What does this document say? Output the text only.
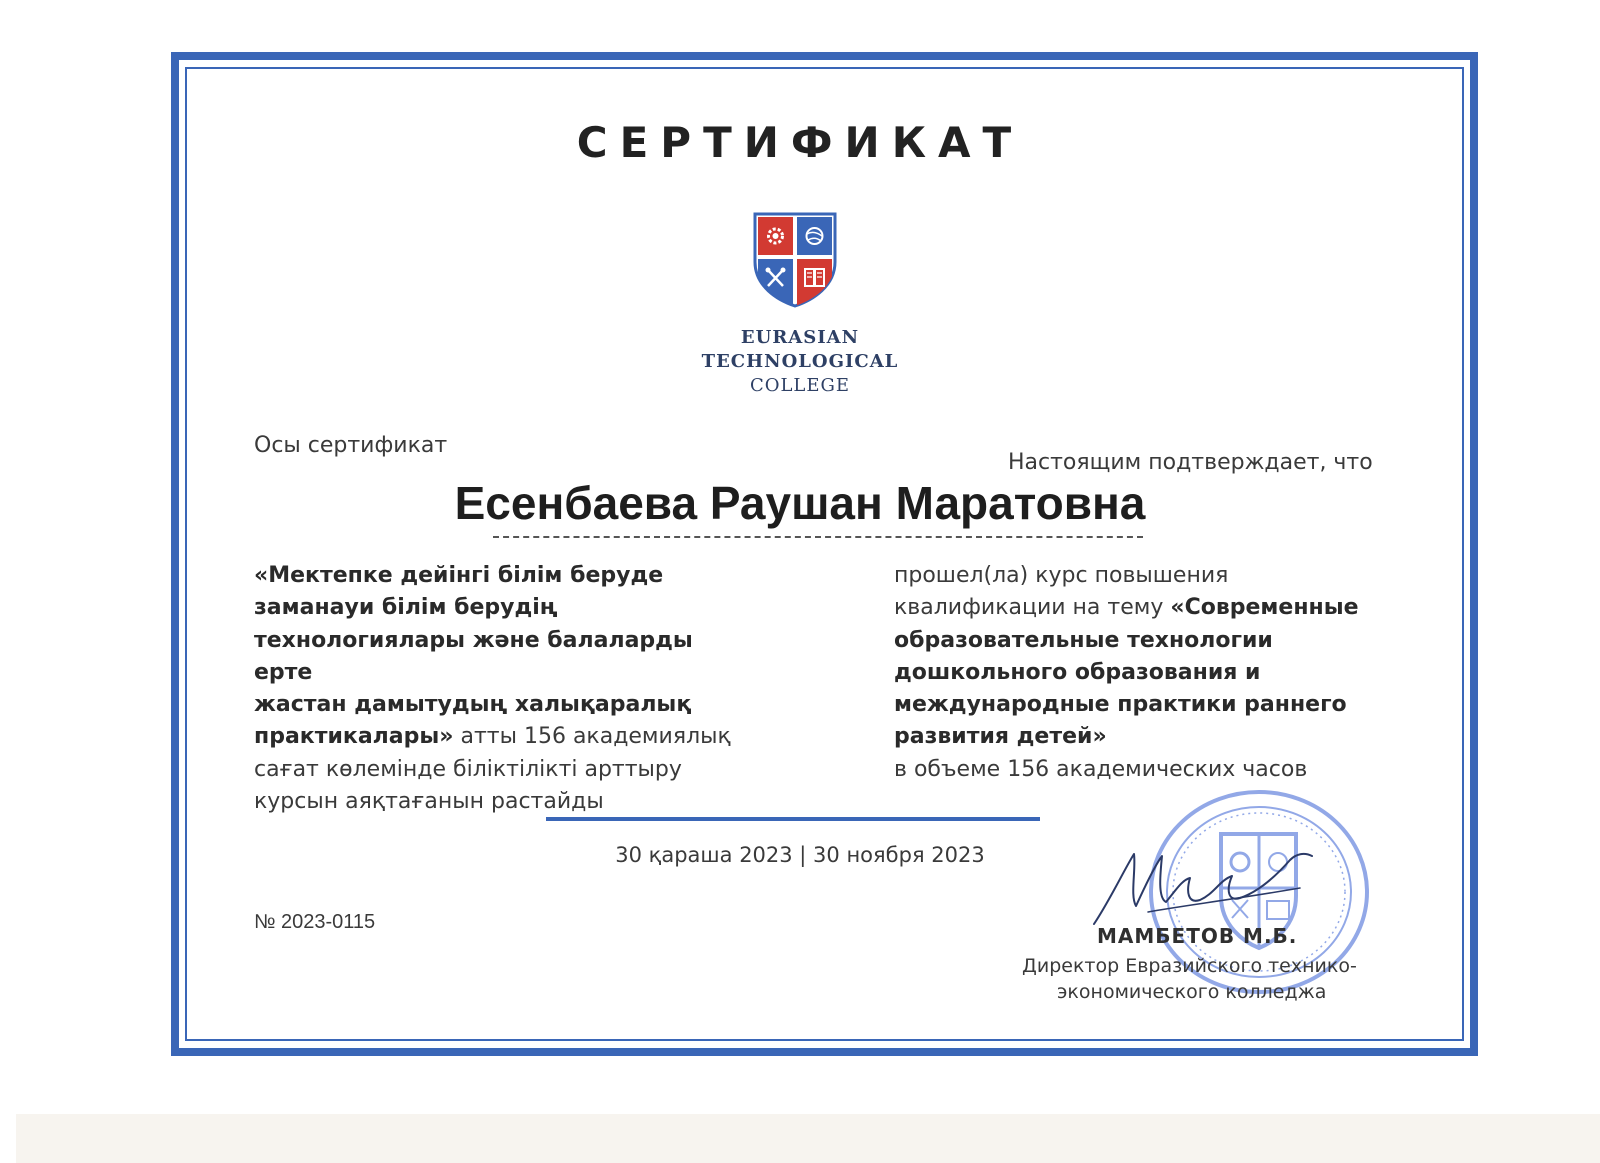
СЕРТИФИКАТ
EURASIAN
TECHNOLOGICAL
COLLEGE
Осы сертификат
Настоящим подтверждает, что
Есенбаева Раушан Маратовна
«Мектепке дейінгі білім беруде
заманауи білім берудің
технологиялары және балаларды ерте
жастан дамытудың халықаралық
практикалары» атты 156 академиялық
сағат көлемінде біліктілікті арттыру
курсын аяқтағанын растайды
прошел(ла) курс повышения
квалификации на тему «Современные
образовательные технологии
дошкольного образования и
международные практики раннего
развития детей»
в объеме 156 академических часов
30 қараша 2023 | 30 ноября 2023
№ 2023-0115
МАМБЕТОВ М.Б.
Директор Евразийского технико-
экономического колледжа
